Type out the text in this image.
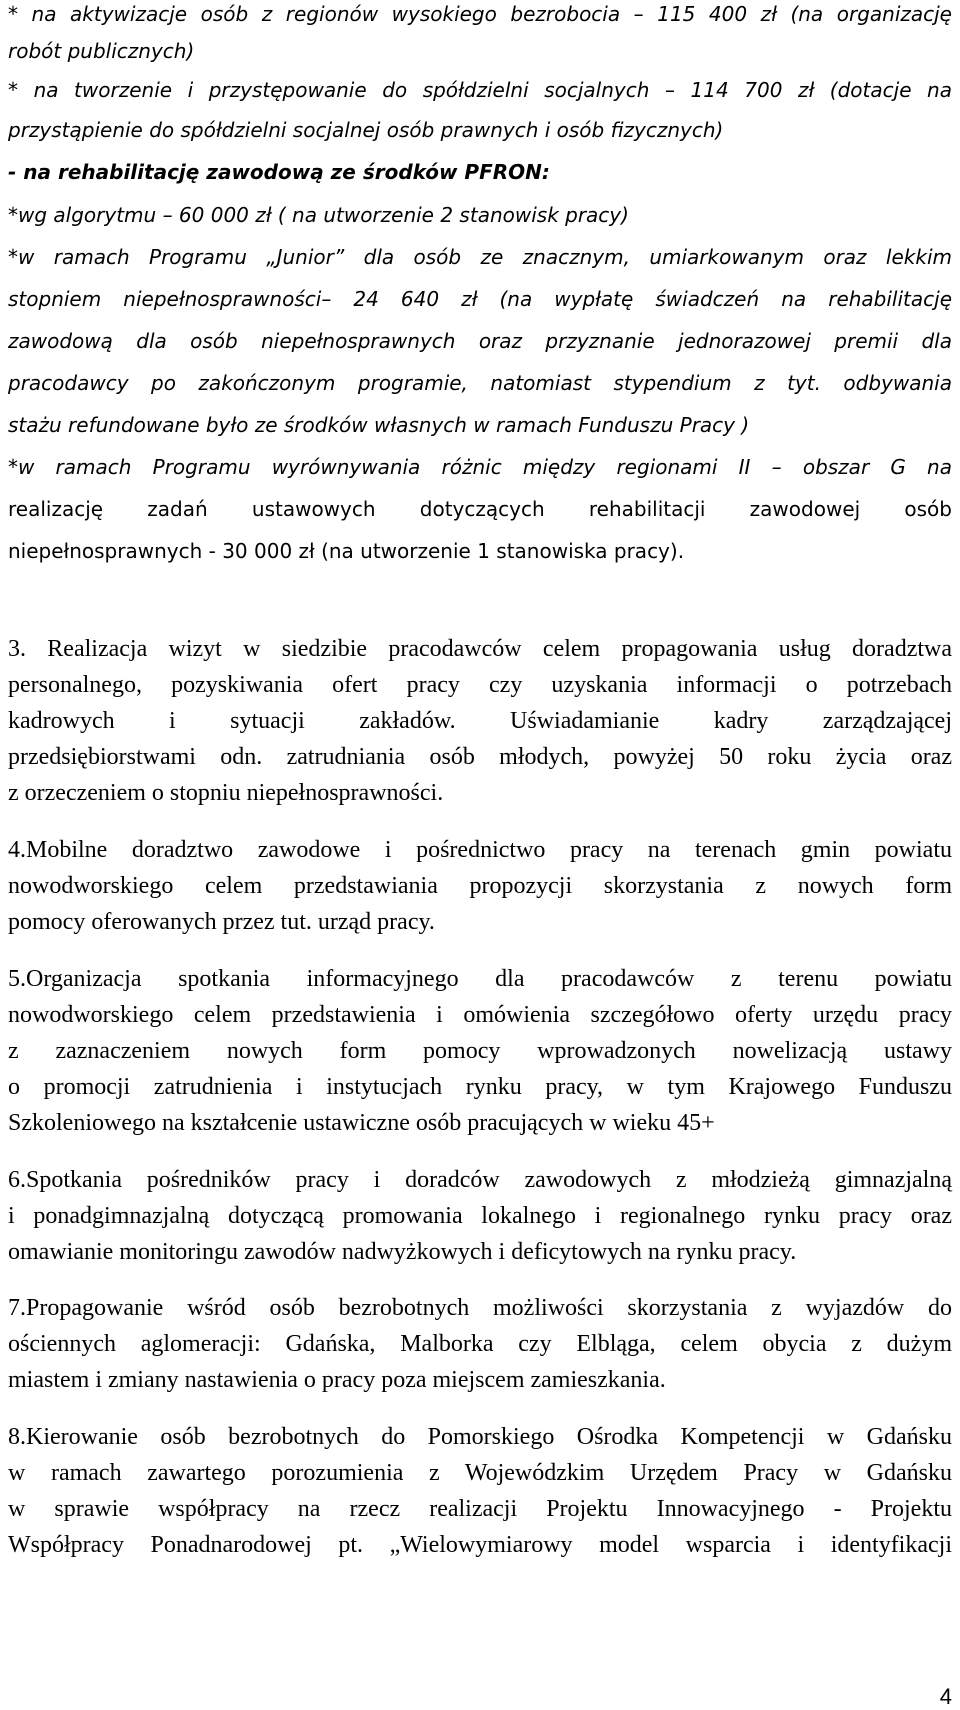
* na aktywizacje osób z regionów wysokiego bezrobocia – 115 400 zł (na organizację
robót publicznych)
* na tworzenie i przystępowanie do spółdzielni socjalnych – 114 700 zł (dotacje na
przystąpienie do spółdzielni socjalnej osób prawnych i osób fizycznych)
- na rehabilitację zawodową ze środków PFRON:
*wg algorytmu – 60 000 zł ( na utworzenie 2 stanowisk pracy)
*w ramach Programu „Junior” dla osób ze znacznym, umiarkowanym oraz lekkim
stopniem niepełnosprawności– 24 640 zł (na wypłatę świadczeń na rehabilitację
zawodową dla osób niepełnosprawnych oraz przyznanie jednorazowej premii dla
pracodawcy po zakończonym programie, natomiast stypendium z tyt. odbywania
stażu refundowane było ze środków własnych w ramach Funduszu Pracy )
*w ramach Programu wyrównywania różnic między regionami II – obszar G na
realizację zadań ustawowych dotyczących rehabilitacji zawodowej osób
niepełnosprawnych - 30 000 zł (na utworzenie 1 stanowiska pracy).
3. Realizacja wizyt w siedzibie pracodawców celem propagowania usług doradztwa
personalnego, pozyskiwania ofert pracy czy uzyskania informacji o potrzebach
kadrowych i sytuacji zakładów. Uświadamianie kadry zarządzającej
przedsiębiorstwami odn. zatrudniania osób młodych, powyżej 50 roku życia oraz
z orzeczeniem o stopniu niepełnosprawności.
4.Mobilne doradztwo zawodowe i pośrednictwo pracy na terenach gmin powiatu
nowodworskiego celem przedstawiania propozycji skorzystania z nowych form
pomocy oferowanych przez tut. urząd pracy.
5.Organizacja spotkania informacyjnego dla pracodawców z terenu powiatu
nowodworskiego celem przedstawienia i omówienia szczegółowo oferty urzędu pracy
z zaznaczeniem nowych form pomocy wprowadzonych nowelizacją ustawy
o promocji zatrudnienia i instytucjach rynku pracy, w tym Krajowego Funduszu
Szkoleniowego na kształcenie ustawiczne osób pracujących w wieku 45+
6.Spotkania pośredników pracy i doradców zawodowych z młodzieżą gimnazjalną
i ponadgimnazjalną dotyczącą promowania lokalnego i regionalnego rynku pracy oraz
omawianie monitoringu zawodów nadwyżkowych i deficytowych na rynku pracy.
7.Propagowanie wśród osób bezrobotnych możliwości skorzystania z wyjazdów do
ościennych aglomeracji: Gdańska, Malborka czy Elbląga, celem obycia z dużym
miastem i zmiany nastawienia o pracy poza miejscem zamieszkania.
8.Kierowanie osób bezrobotnych do Pomorskiego Ośrodka Kompetencji w Gdańsku
w ramach zawartego porozumienia z Wojewódzkim Urzędem Pracy w Gdańsku
w sprawie współpracy na rzecz realizacji Projektu Innowacyjnego - Projektu
Współpracy Ponadnarodowej pt. „Wielowymiarowy model wsparcia i identyfikacji
4
